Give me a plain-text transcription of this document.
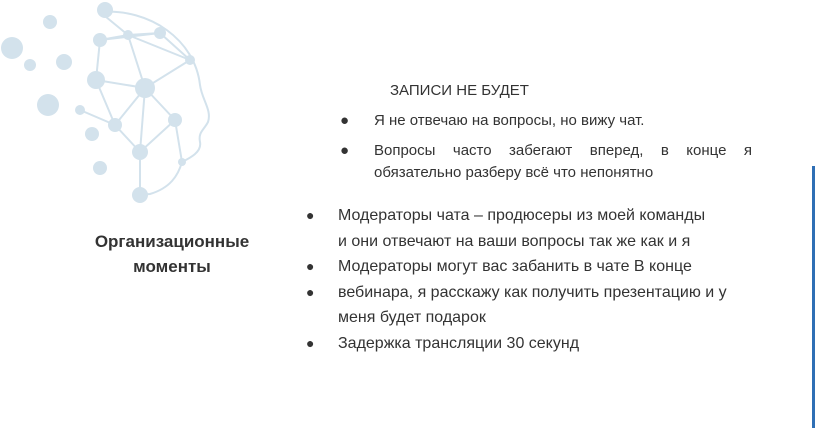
Организационные моменты
ЗАПИСИ НЕ БУДЕТ
● Я не отвечаю на вопросы, но вижу чат.
● Вопросы часто забегают вперед, в конце я обязательно разберу всё что непонятно
● Модераторы чата – продюсеры из моей команды
и они отвечают на ваши вопросы так же как и я
● Модераторы могут вас забанить в чате В конце
● вебинара, я расскажу как получить презентацию и у
меня будет подарок
● Задержка трансляции 30 секунд
